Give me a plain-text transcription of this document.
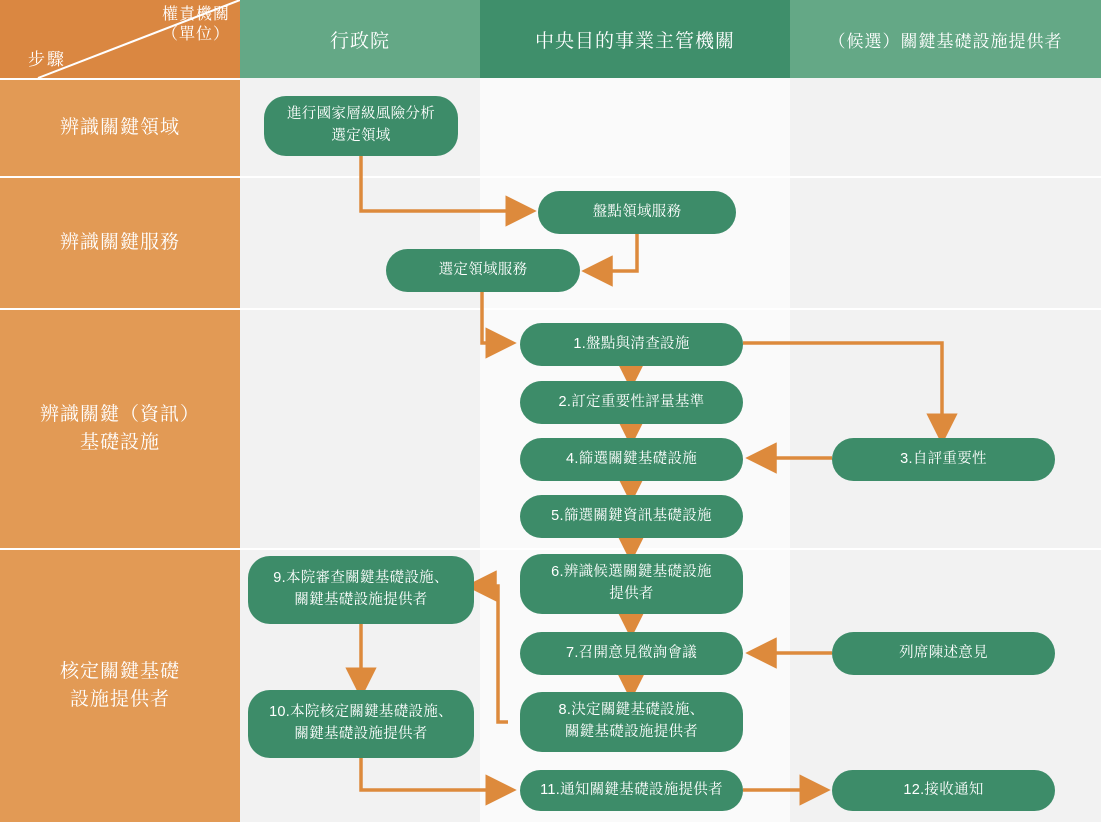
權責機關
（單位）
步驟
行政院	中央目的事業主管機關	（候選）關鍵基礎設施提供者
辨識關鍵領域
辨識關鍵服務
辨識關鍵（資訊）
基礎設施
核定關鍵基礎
設施提供者
進行國家層級風險分析
選定領域
盤點領域服務
選定領域服務
1.盤點與清查設施
2.訂定重要性評量基準
3.自評重要性
4.篩選關鍵基礎設施
5.篩選關鍵資訊基礎設施
6.辨識候選關鍵基礎設施
提供者
7.召開意見徵詢會議	列席陳述意見
8.決定關鍵基礎設施、
關鍵基礎設施提供者
9.本院審查關鍵基礎設施、
關鍵基礎設施提供者
10.本院核定關鍵基礎設施、
關鍵基礎設施提供者
11.通知關鍵基礎設施提供者	12.接收通知
